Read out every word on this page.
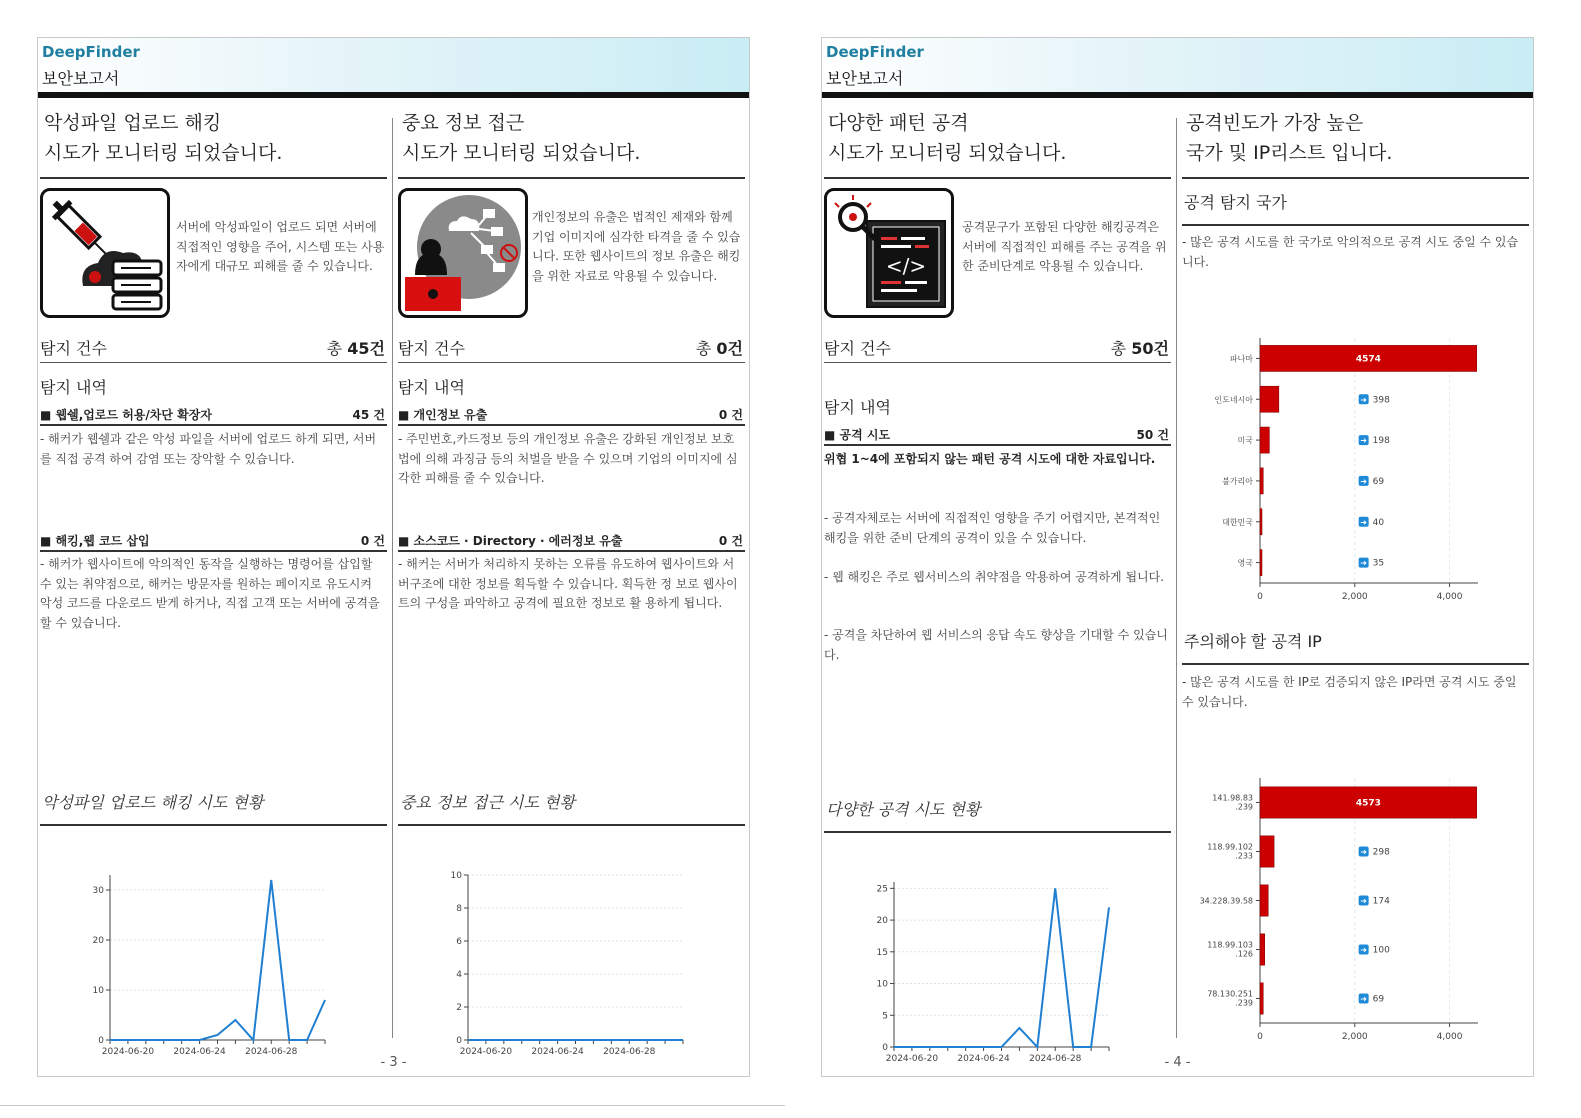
DeepFinder
보안보고서
악성파일 업로드 해킹
시도가 모니터링 되었습니다.
서버에 악성파일이 업로드 되면 서버에 직접적인 영향을 주어, 시스템 또는 사용자에게 대규모 피해를 줄 수 있습니다.
탐지 건수	총 45건
탐지 내역
■ 웹쉘,업로드 허용/차단 확장자	45 건
- 해커가 웹쉘과 같은 악성 파일을 서버에 업로드 하게 되면, 서버를 직접 공격 하여 감염 또는 장악할 수 있습니다.
■ 해킹,웹 코드 삽입	0 건
- 해커가 웹사이트에 악의적인 동작을 실행하는 명령어를 삽입할 수 있는 취약점으로, 해커는 방문자를 원하는 페이지로 유도시켜 악성 코드를 다운로드 받게 하거나, 직접 고객 또는 서버에 공격을 할 수 있습니다.
악성파일 업로드 해킹 시도 현황
0
10
20
30
2024-06-20 2024-06-24 2024-06-28
중요 정보 접근
시도가 모니터링 되었습니다.
개인정보의 유출은 법적인 제재와 함께 기업 이미지에 심각한 타격을 줄 수 있습니다. 또한 웹사이트의 정보 유출은 해킹을 위한 자료로 악용될 수 있습니다.
탐지 건수	총 0건
탐지 내역
■ 개인정보 유출	0 건
- 주민번호,카드정보 등의 개인정보 유출은 강화된 개인정보 보호법에 의해 과징금 등의 처벌을 받을 수 있으며 기업의 이미지에 심각한 피해를 줄 수 있습니다.
■ 소스코드 · Directory · 에러정보 유출	0 건
- 해커는 서버가 처리하지 못하는 오류를 유도하여 웹사이트와 서버구조에 대한 정보를 획득할 수 있습니다. 획득한 정 보로 웹사이트의 구성을 파악하고 공격에 필요한 정보로 활 용하게 됩니다.
중요 정보 접근 시도 현황
0
2
4
6
8
10
2024-06-20 2024-06-24 2024-06-28
- 3 -
DeepFinder
보안보고서
다양한 패턴 공격
시도가 모니터링 되었습니다.
</>
공격문구가 포함된 다양한 해킹공격은 서버에 직접적인 피해를 주는 공격을 위한 준비단계로 악용될 수 있습니다.
탐지 건수	총 50건
탐지 내역
■ 공격 시도	50 건
위협 1~4에 포함되지 않는 패턴 공격 시도에 대한 자료입니다.
- 공격자체로는 서버에 직접적인 영향을 주기 어렵지만, 본격적인 해킹을 위한 준비 단계의 공격이 있을 수 있습니다.
- 웹 해킹은 주로 웹서비스의 취약점을 악용하여 공격하게 됩니다.
- 공격을 차단하여 웹 서비스의 응답 속도 향상을 기대할 수 있습니다.
다양한 공격 시도 현황
0
5
10
15
20
25
2024-06-20 2024-06-24 2024-06-28
공격빈도가 가장 높은
국가 및 IP리스트 입니다.
공격 탐지 국가
- 많은 공격 시도를 한 국가로 악의적으로 공격 시도 중일 수 있습니다.
0	2,000	4,000
파나마	4574
인도네시아	➜ 398
미국	➜ 198
불가리아	➜ 69
대한민국	➜ 40
영국	➜ 35
주의해야 할 공격 IP
- 많은 공격 시도를 한 IP로 검증되지 않은 IP라면 공격 시도 중일 수 있습니다.
0	2,000	4,000
141.98.83 .239	4573
118.99.102 .233	➜ 298
34.228.39.58	➜ 174
118.99.103 .126	➜ 100
78.130.251 .239	➜ 69
- 4 -
